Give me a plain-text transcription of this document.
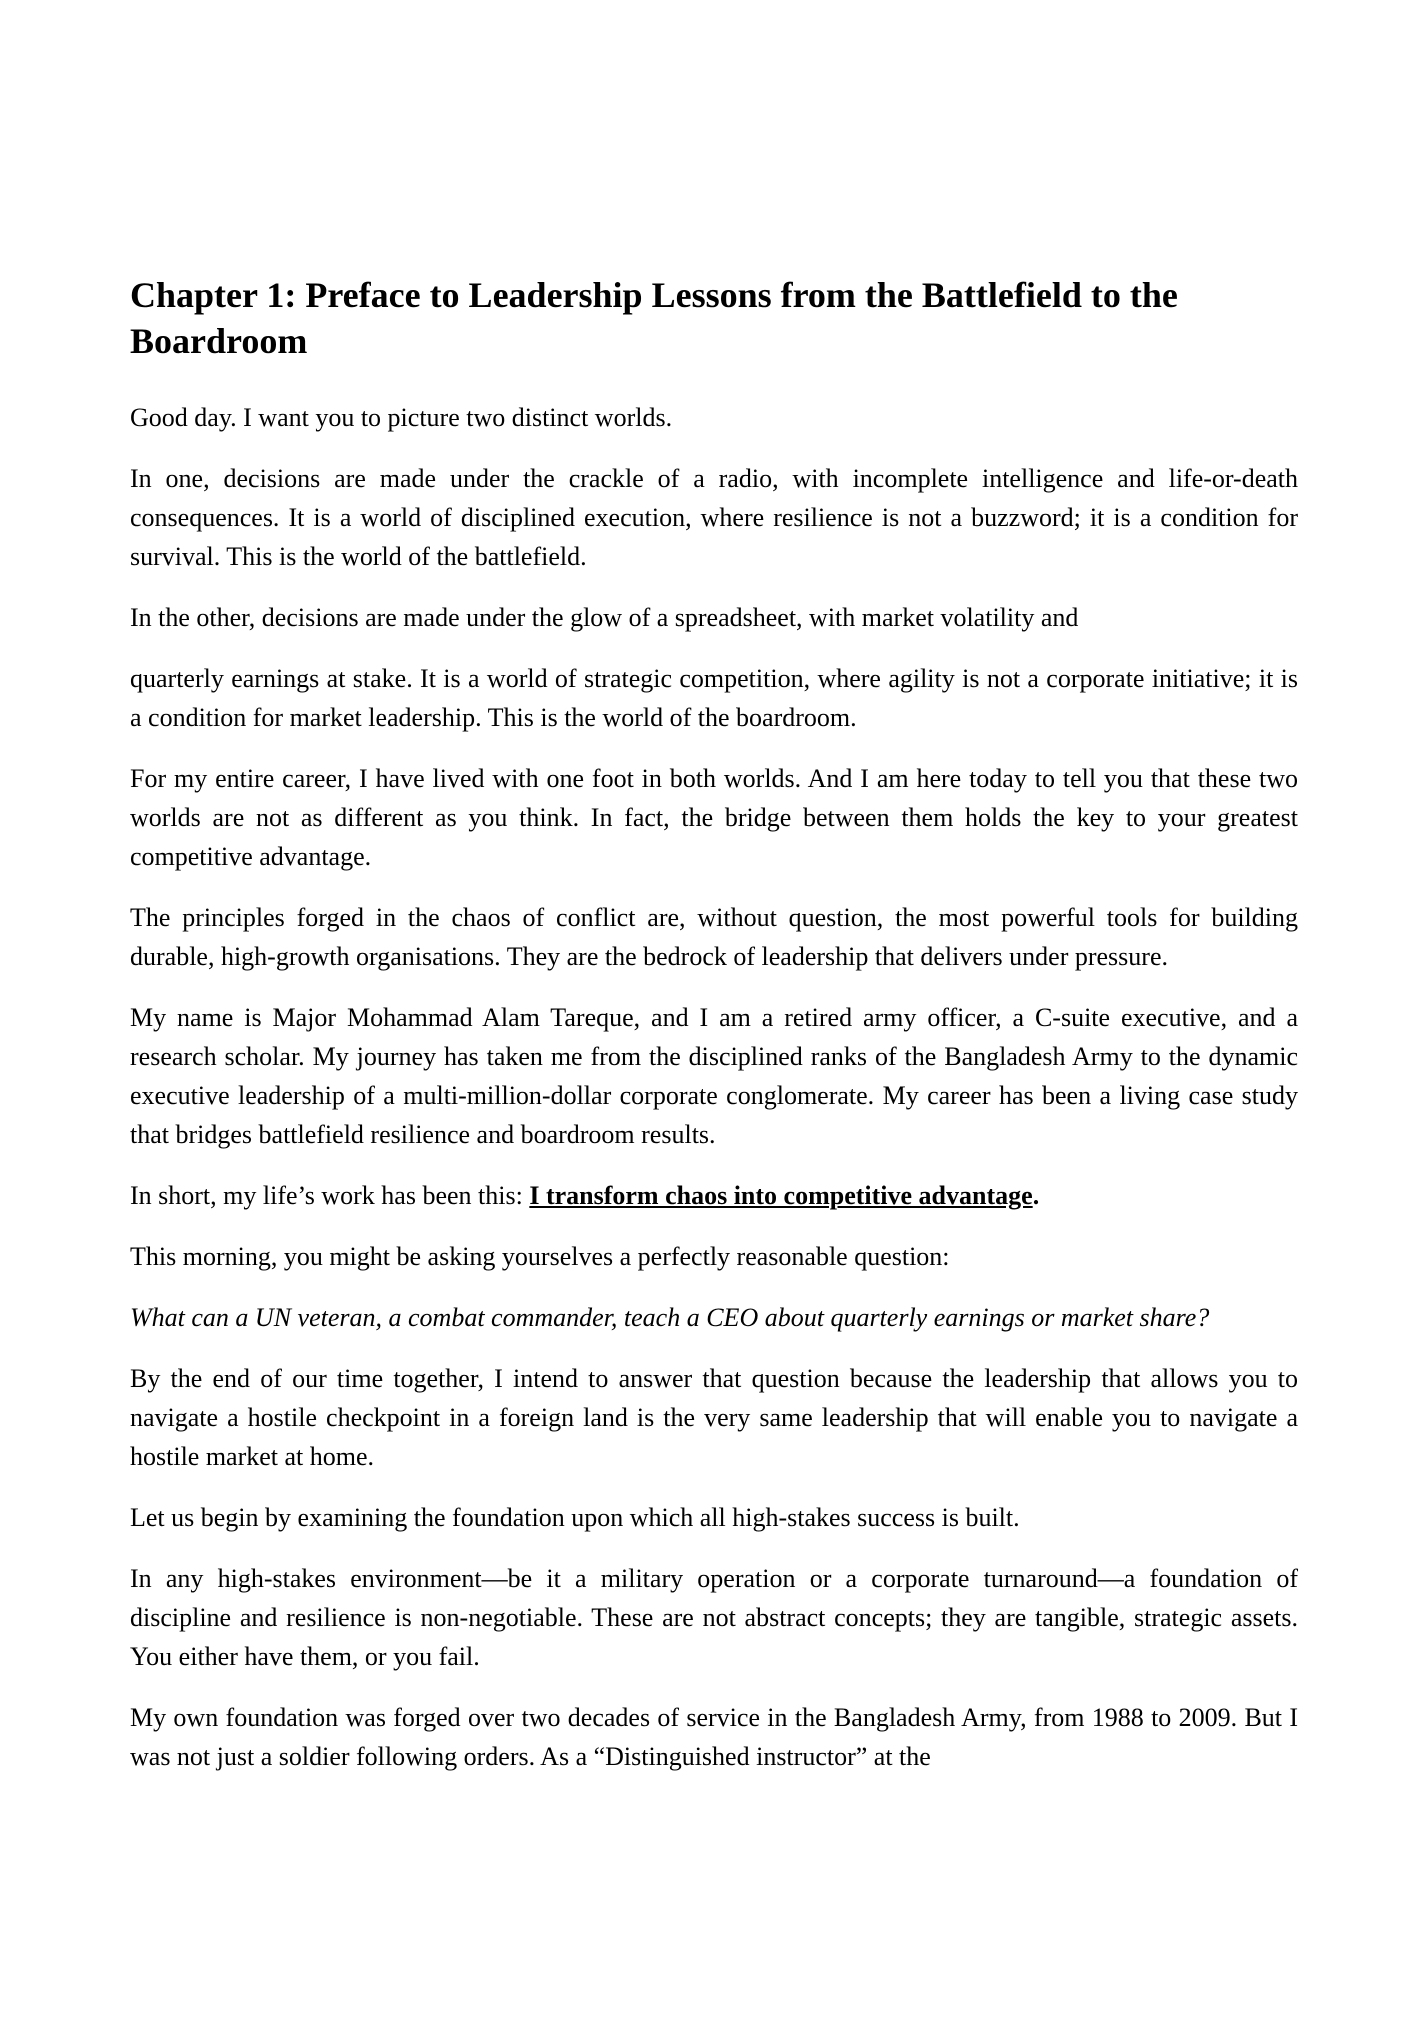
Chapter 1: Preface to Leadership Lessons from the Battlefield to the Boardroom

Good day. I want you to picture two distinct worlds.

In one, decisions are made under the crackle of a radio, with incomplete intelligence and life-or-death consequences. It is a world of disciplined execution, where resilience is not a buzzword; it is a condition for survival. This is the world of the battlefield.

In the other, decisions are made under the glow of a spreadsheet, with market volatility and

quarterly earnings at stake. It is a world of strategic competition, where agility is not a corporate initiative; it is a condition for market leadership. This is the world of the boardroom.

For my entire career, I have lived with one foot in both worlds. And I am here today to tell you that these two worlds are not as different as you think. In fact, the bridge between them holds the key to your greatest competitive advantage.

The principles forged in the chaos of conflict are, without question, the most powerful tools for building durable, high-growth organisations. They are the bedrock of leadership that delivers under pressure.

My name is Major Mohammad Alam Tareque, and I am a retired army officer, a C-suite executive, and a research scholar. My journey has taken me from the disciplined ranks of the Bangladesh Army to the dynamic executive leadership of a multi-million-dollar corporate conglomerate. My career has been a living case study that bridges battlefield resilience and boardroom results.

In short, my life’s work has been this: I transform chaos into competitive advantage.

This morning, you might be asking yourselves a perfectly reasonable question:

What can a UN veteran, a combat commander, teach a CEO about quarterly earnings or market share?

By the end of our time together, I intend to answer that question because the leadership that allows you to navigate a hostile checkpoint in a foreign land is the very same leadership that will enable you to navigate a hostile market at home.

Let us begin by examining the foundation upon which all high-stakes success is built.

In any high-stakes environment—be it a military operation or a corporate turnaround—a foundation of discipline and resilience is non-negotiable. These are not abstract concepts; they are tangible, strategic assets. You either have them, or you fail.

My own foundation was forged over two decades of service in the Bangladesh Army, from 1988 to 2009. But I was not just a soldier following orders. As a “Distinguished instructor” at the
